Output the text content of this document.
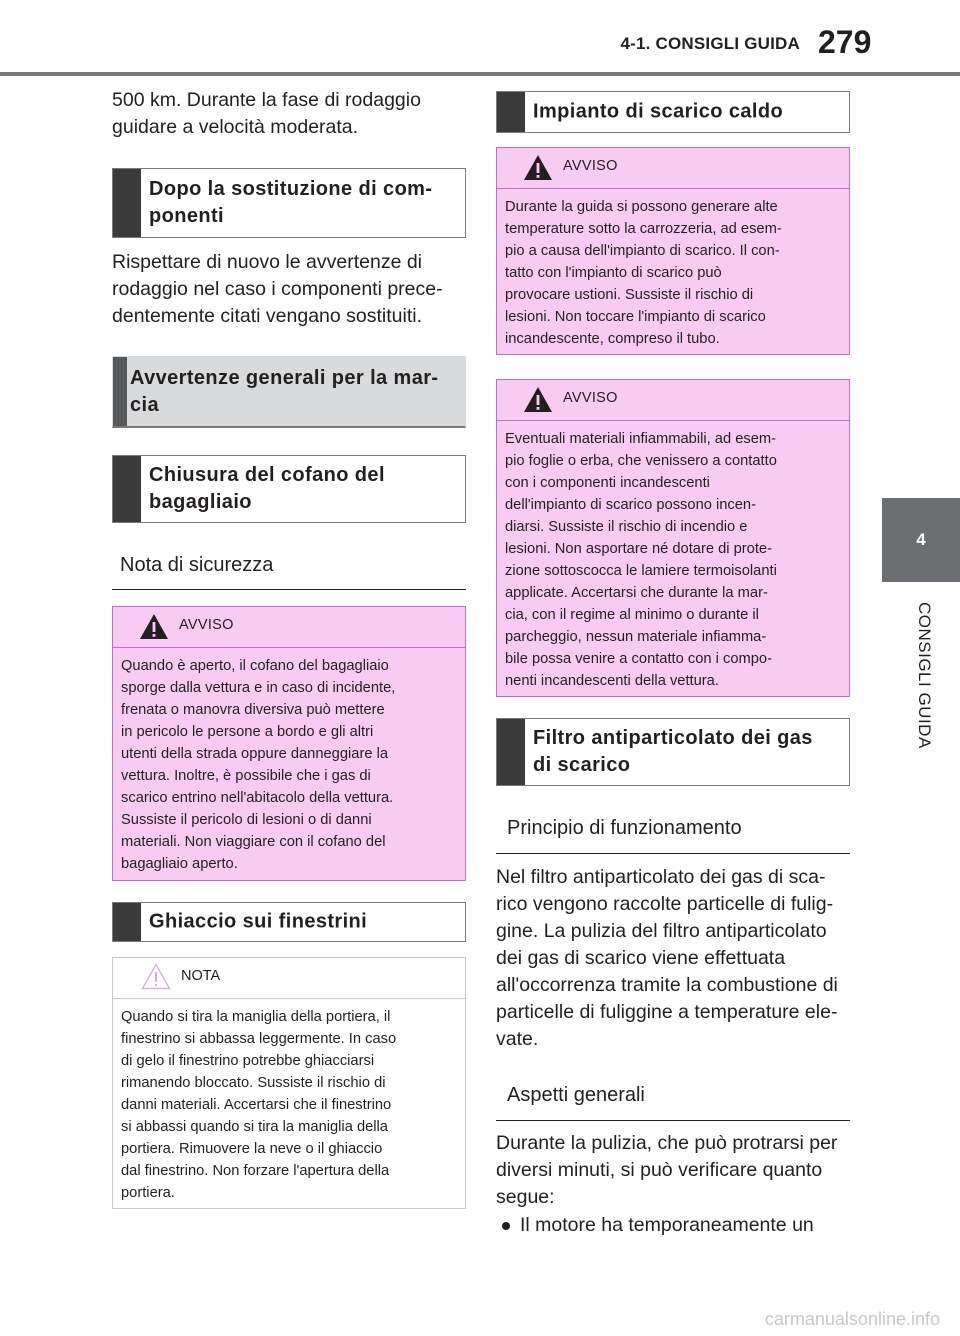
4-1. CONSIGLI GUIDA 279
4
CONSIGLI GUIDA
500 km. Durante la fase di rodaggio
guidare a velocità moderata.
Dopo la sostituzione di com-
ponenti
Rispettare di nuovo le avvertenze di
rodaggio nel caso i componenti prece-
dentemente citati vengano sostituiti.
Avvertenze generali per la mar-
cia
Chiusura del cofano del
bagagliaio
Nota di sicurezza
AVVISO
Quando è aperto, il cofano del bagagliaio
sporge dalla vettura e in caso di incidente,
frenata o manovra diversiva può mettere
in pericolo le persone a bordo e gli altri
utenti della strada oppure danneggiare la
vettura. Inoltre, è possibile che i gas di
scarico entrino nell'abitacolo della vettura.
Sussiste il pericolo di lesioni o di danni
materiali. Non viaggiare con il cofano del
bagagliaio aperto.
Ghiaccio sui finestrini
NOTA
Quando si tira la maniglia della portiera, il
finestrino si abbassa leggermente. In caso
di gelo il finestrino potrebbe ghiacciarsi
rimanendo bloccato. Sussiste il rischio di
danni materiali. Accertarsi che il finestrino
si abbassi quando si tira la maniglia della
portiera. Rimuovere la neve o il ghiaccio
dal finestrino. Non forzare l'apertura della
portiera.
Impianto di scarico caldo
AVVISO
Durante la guida si possono generare alte
temperature sotto la carrozzeria, ad esem-
pio a causa dell'impianto di scarico. Il con-
tatto con l'impianto di scarico può
provocare ustioni. Sussiste il rischio di
lesioni. Non toccare l'impianto di scarico
incandescente, compreso il tubo.
AVVISO
Eventuali materiali infiammabili, ad esem-
pio foglie o erba, che venissero a contatto
con i componenti incandescenti
dell'impianto di scarico possono incen-
diarsi. Sussiste il rischio di incendio e
lesioni. Non asportare né dotare di prote-
zione sottoscocca le lamiere termoisolanti
applicate. Accertarsi che durante la mar-
cia, con il regime al minimo o durante il
parcheggio, nessun materiale infiamma-
bile possa venire a contatto con i compo-
nenti incandescenti della vettura.
Filtro antiparticolato dei gas
di scarico
Principio di funzionamento
Nel filtro antiparticolato dei gas di sca-
rico vengono raccolte particelle di fulig-
gine. La pulizia del filtro antiparticolato
dei gas di scarico viene effettuata
all'occorrenza tramite la combustione di
particelle di fuliggine a temperature ele-
vate.
Aspetti generali
Durante la pulizia, che può protrarsi per
diversi minuti, si può verificare quanto
segue:
Il motore ha temporaneamente un
carmanualsonline.info
